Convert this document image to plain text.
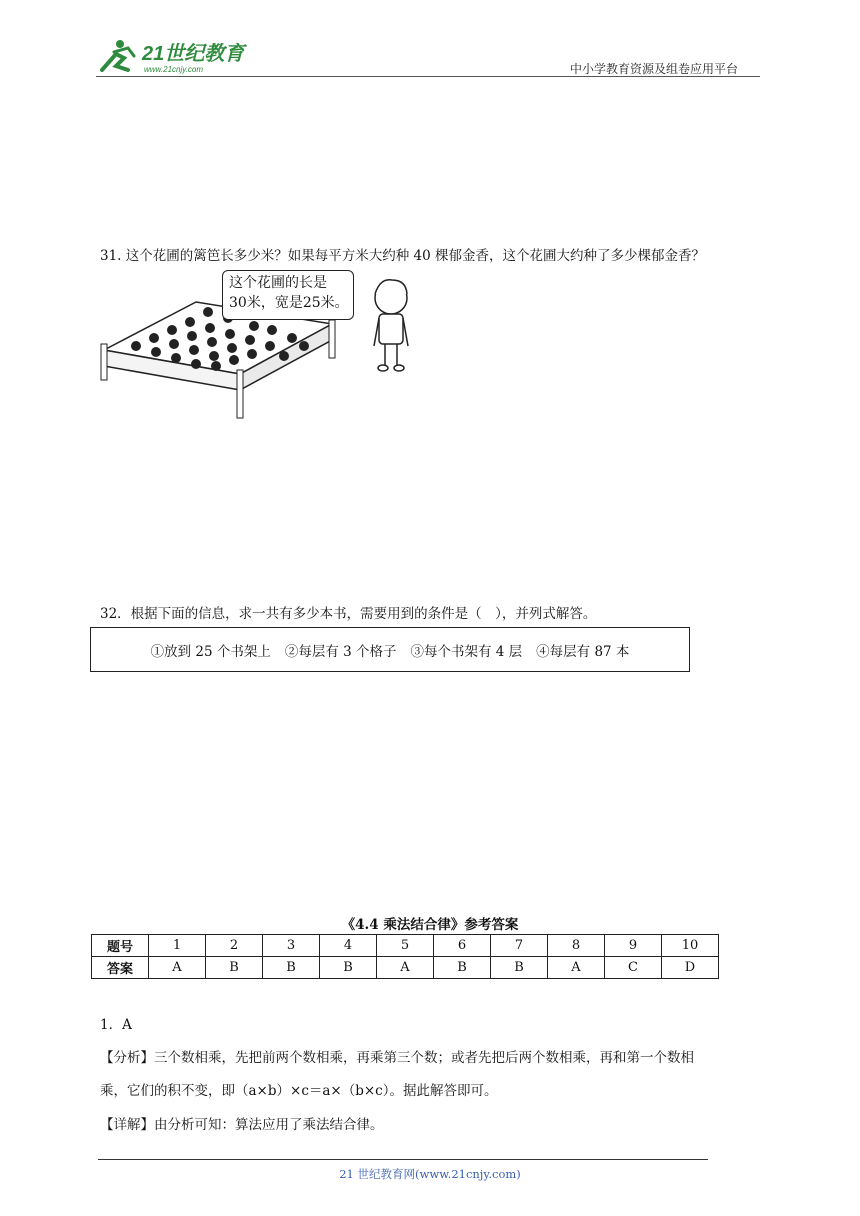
21世纪教育
www.21cnjy.com	中小学教育资源及组卷应用平台
31. 这个花圃的篱笆长多少米？如果每平方米大约种 40 棵郁金香，这个花圃大约种了多少棵郁金香？
这个花圃的长是
30米，宽是25米。
32．根据下面的信息，求一共有多少本书，需要用到的条件是（　），并列式解答。
①放到 25 个书架上 ②每层有 3 个格子 ③每个书架有 4 层 ④每层有 87 本
《4.4 乘法结合律》参考答案
题号	1	2	3	4	5	6	7	8	9	10
答案	A	B	B	B	A	B	B	A	C	D
1．A
【分析】三个数相乘，先把前两个数相乘，再乘第三个数；或者先把后两个数相乘，再和第一个数相
乘，它们的积不变，即（a×b）×c＝a×（b×c）。据此解答即可。
【详解】由分析可知：算法应用了乘法结合律。
21 世纪教育网(www.21cnjy.com)
